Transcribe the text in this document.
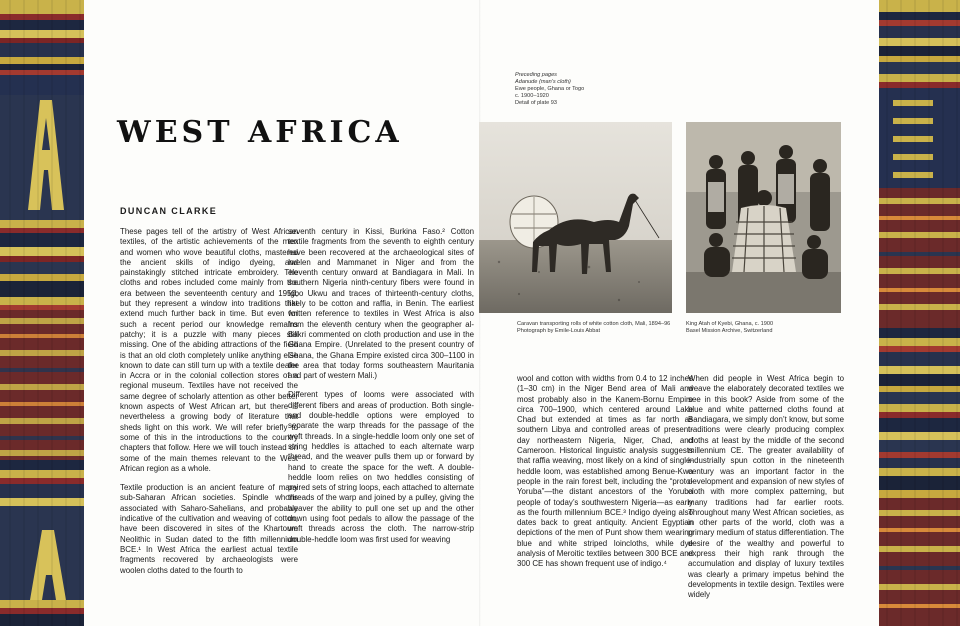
WEST AFRICA
DUNCAN CLARKE

These pages tell of the artistry of West African textiles, of the artistic achievements of the men and women who wove beautiful cloths, mastered the ancient skills of indigo dyeing, and painstakingly stitched intricate embroidery. The cloths and robes included come mainly from the era between the seventeenth century and 1950, but they represent a window into traditions that extend much further back in time. But even for such a recent period our knowledge remains patchy; it is a puzzle with many pieces still missing. One of the abiding attractions of the field is that an old cloth completely unlike anything else known to date can still turn up with a textile dealer in Accra or in the colonial collection stores of a regional museum. Textiles have not received the same degree of scholarly attention as other better known aspects of West African art, but there is nevertheless a growing body of literature that sheds light on this work. We will refer briefly to some of this in the introductions to the country chapters that follow. Here we will touch instead on some of the main themes relevant to the West African region as a whole.

Textile production is an ancient feature of many sub-Saharan African societies. Spindle whorls associated with Saharo-Sahelians, and probably indicative of the cultivation and weaving of cotton, have been discovered in sites of the Khartoum Neolithic in Sudan dated to the fifth millennium BCE.¹ In West Africa the earliest actual textile fragments recovered by archaeologists were woolen cloths dated to the fourth to

seventh century in Kissi, Burkina Faso.² Cotton textile fragments from the seventh to eighth century have been recovered at the archaeological sites of Iwelen and Mammanet in Niger and from the eleventh century onward at Bandiagara in Mali. In southern Nigeria ninth-century fibers were found in Igbo Ukwu and traces of thirteenth-century cloths, likely to be cotton and raffia, in Benin. The earliest written reference to textiles in West Africa is also from the eleventh century when the geographer al-Bakri commented on cloth production and use in the Ghana Empire. (Unrelated to the present country of Ghana, the Ghana Empire existed circa 300–1100 in the area that today forms southeastern Mauritania and part of western Mali.)

Different types of looms were associated with different fibers and areas of production. Both single- and double-heddle options were employed to separate the warp threads for the passage of the weft threads. In a single-heddle loom only one set of string heddles is attached to each alternate warp thread, and the weaver pulls them up or forward by hand to create the space for the weft. A double-heddle loom relies on two heddles consisting of paired sets of string loops, each attached to alternate threads of the warp and joined by a pulley, giving the weaver the ability to pull one set up and the other down using foot pedals to allow the passage of the weft threads across the cloth. The narrow-strip double-heddle loom was first used for weaving

Preceding pages
Adanude (man’s cloth)
Ewe people, Ghana or Togo
c. 1900–1920
Detail of plate 93
Caravan transporting rolls of white cotton cloth, Mali, 1894–96
Photograph by Emile-Louis Abbat
King Atah of Kyebi, Ghana, c. 1900
Basel Mission Archive, Switzerland

wool and cotton with widths from 0.4 to 12 inches (1–30 cm) in the Niger Bend area of Mali and most probably also in the Kanem-Bornu Empire circa 700–1900, which centered around Lake Chad but extended at times as far north as southern Libya and controlled areas of present-day northeastern Nigeria, Niger, Chad, and Cameroon. Historical linguistic analysis suggests that raffia weaving, most likely on a kind of single-heddle loom, was established among Benue-Kwa people in the rain forest belt, including the “proto-Yoruba”—the distant ancestors of the Yoruba people of today’s southwestern Nigeria—as early as the fourth millennium BCE.³ Indigo dyeing also dates back to great antiquity. Ancient Egyptian depictions of the men of Punt show them wearing blue and white striped loincloths, while dye analysis of Meroitic textiles between 300 BCE and 300 CE has shown frequent use of indigo.⁴

When did people in West Africa begin to weave the elaborately decorated textiles we see in this book? Aside from some of the blue and white patterned cloths found at Bandiagara, we simply don’t know, but some traditions were clearly producing complex cloths at least by the middle of the second millennium CE. The greater availability of industrially spun cotton in the nineteenth century was an important factor in the development and expansion of new styles of cloth with more complex patterning, but many traditions had far earlier roots. Throughout many West African societies, as in other parts of the world, cloth was a primary medium of status differentiation. The desire of the wealthy and powerful to express their high rank through the accumulation and display of luxury textiles was clearly a primary impetus behind the developments in textile design. Textiles were widely
